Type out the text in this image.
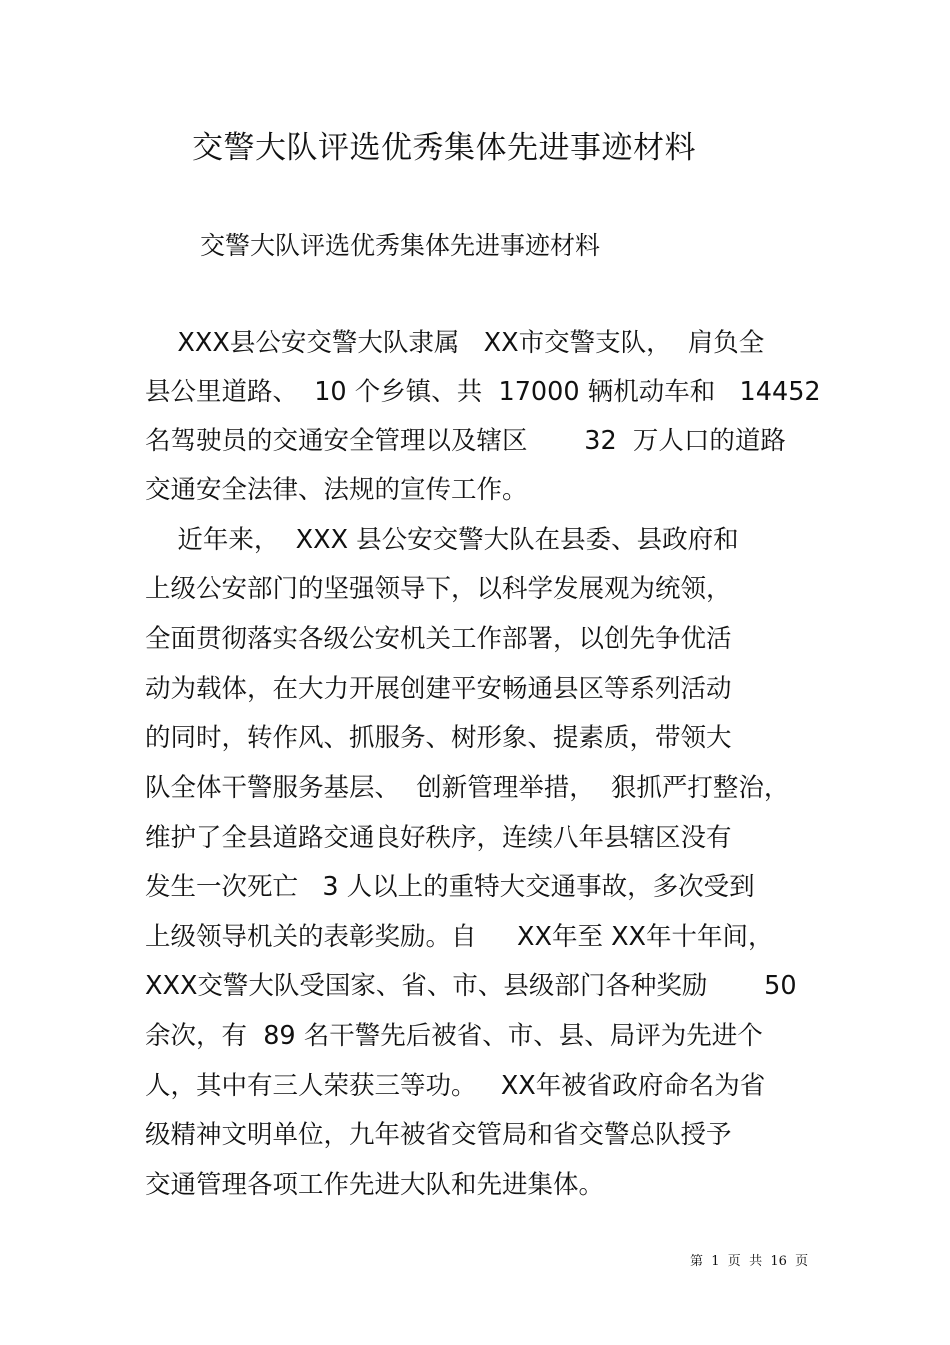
交警大队评选优秀集体先进事迹材料
交警大队评选优秀集体先进事迹材料
XXX县公安交警大队隶属   XX市交警支队，  肩负全
县公里道路、  10 个乡镇、共  17000 辆机动车和   14452
名驾驶员的交通安全管理以及辖区       32  万人口的道路
交通安全法律、法规的宣传工作。
近年来，  XXX 县公安交警大队在县委、县政府和
上级公安部门的坚强领导下，以科学发展观为统领，
全面贯彻落实各级公安机关工作部署，以创先争优活
动为载体，在大力开展创建平安畅通县区等系列活动
的同时，转作风、抓服务、树形象、提素质，带领大
队全体干警服务基层、  创新管理举措，  狠抓严打整治，
维护了全县道路交通良好秩序，连续八年县辖区没有
发生一次死亡   3 人以上的重特大交通事故，多次受到
上级领导机关的表彰奖励。自     XX年至 XX年十年间，
XXX交警大队受国家、省、市、县级部门各种奖励       50
余次，有  89 名干警先后被省、市、县、局评为先进个
人，其中有三人荣获三等功。   XX年被省政府命名为省
级精神文明单位，九年被省交管局和省交警总队授予
交通管理各项工作先进大队和先进集体。
第  1  页  共  16  页
